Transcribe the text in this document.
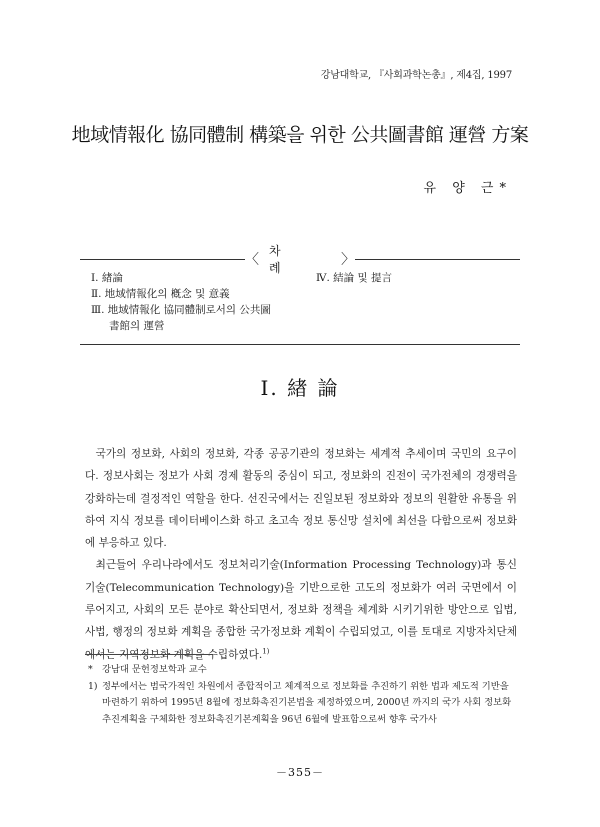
강남대학교, 『사회과학논총』, 제4집, 1997
地域情報化 協同體制 構築을 위한 公共圖書館 運營 方案
유 양 근*
〈
차 례	〉
Ⅰ. 緖論
Ⅱ. 地域情報化의 槪念 및 意義
Ⅲ. 地域情報化 協同體制로서의 公共圖
書館의 運營
Ⅳ. 結論 및 提言
Ⅰ. 緖 論

국가의 정보화, 사회의 정보화, 각종 공공기관의 정보화는 세계적 추세이며 국민의 요구이다. 정보사회는 정보가 사회 경제 활동의 중심이 되고, 정보화의 진전이 국가전체의 경쟁력을 강화하는데 결정적인 역할을 한다. 선진국에서는 진일보된 정보화와 정보의 원활한 유통을 위하여 지식 정보를 데이터베이스화 하고 초고속 정보 통신망 설치에 최선을 다함으로써 정보화에 부응하고 있다.

최근들어 우리나라에서도 정보처리기술(Information Processing Technology)과 통신기술(Telecommunication Technology)을 기반으로한 고도의 정보화가 여러 국면에서 이루어지고, 사회의 모든 분야로 확산되면서, 정보화 정책을 체계화 시키기위한 방안으로 입법, 사법, 행정의 정보화 계획을 종합한 국가정보화 계획이 수립되었고, 이를 토대로 지방자치단체에서는 지역정보화 계획을 수립하였다.$^{1)}$

*	강남대 문헌정보학과 교수
1) 정부에서는 범국가적인 차원에서 종합적이고 체계적으로 정보화를 추진하기 위한 법과 제도적 기반을 마련하기 위하여 1995년 8월에 정보화촉진기본법을 제정하였으며, 2000년 까지의 국가 사회 정보화추진계획을 구체화한 정보화촉진기본계획을 96년 6월에 발표함으로써 향후 국가사
－355－
